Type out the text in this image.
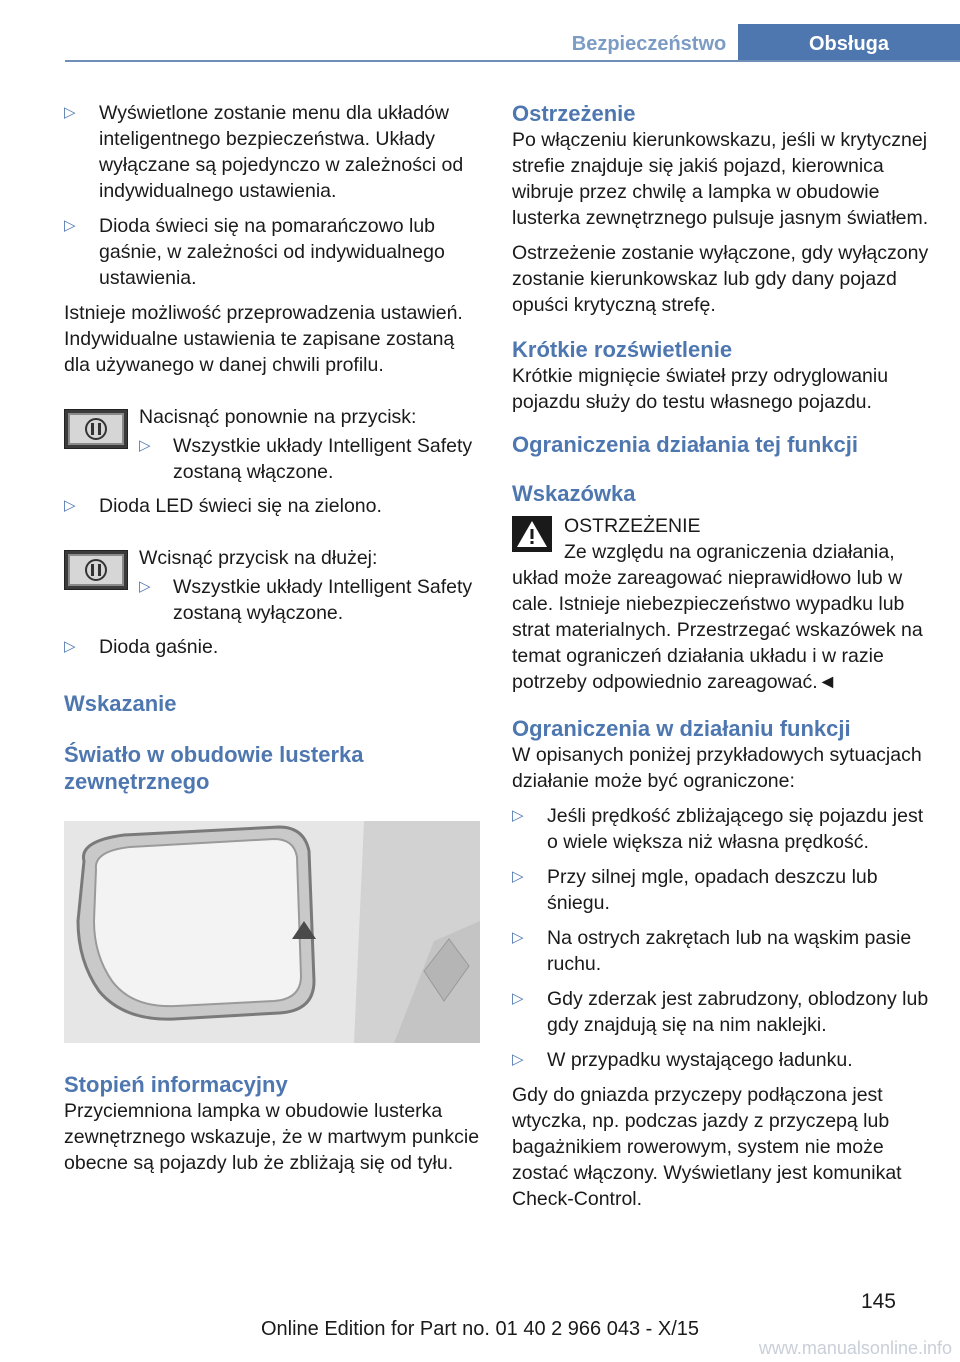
Bezpieczeństwo	Obsługa
▷ Wyświetlone zostanie menu dla układów inteligentnego bezpieczeństwa. Układy wyłączane są pojedynczo w zależności od indywidualnego ustawienia.
▷ Dioda świeci się na pomarańczowo lub gaśnie, w zależności od indywidualnego ustawienia.
Istnieje możliwość przeprowadzenia ustawień. Indywidualne ustawienia te zapisane zostaną dla używanego w danej chwili profilu.
Nacisnąć ponownie na przycisk:
▷ Wszystkie układy Intelligent Safety zostaną włączone.
▷ Dioda LED świeci się na zielono.
Wcisnąć przycisk na dłużej:
▷ Wszystkie układy Intelligent Safety zostaną wyłączone.
▷ Dioda gaśnie.
Wskazanie
Światło w obudowie lusterka zewnętrznego
Stopień informacyjny
Przyciemniona lampka w obudowie lusterka zewnętrznego wskazuje, że w martwym punkcie obecne są pojazdy lub że zbliżają się od tyłu.
Ostrzeżenie
Po włączeniu kierunkowskazu, jeśli w krytycznej strefie znajduje się jakiś pojazd, kierownica wibruje przez chwilę a lampka w obudowie lusterka zewnętrznego pulsuje jasnym światłem.
Ostrzeżenie zostanie wyłączone, gdy wyłączony zostanie kierunkowskaz lub gdy dany pojazd opuści krytyczną strefę.
Krótkie rozświetlenie
Krótkie mignięcie świateł przy odryglowaniu pojazdu służy do testu własnego pojazdu.
Ograniczenia działania tej funkcji
Wskazówka
OSTRZEŻENIE
Ze względu na ograniczenia działania, układ może zareagować nieprawidłowo lub w cale. Istnieje niebezpieczeństwo wypadku lub strat materialnych. Przestrzegać wskazówek na temat ograniczeń działania układu i w razie potrzeby odpowiednio zareagować.◄
Ograniczenia w działaniu funkcji
W opisanych poniżej przykładowych sytuacjach działanie może być ograniczone:
▷ Jeśli prędkość zbliżającego się pojazdu jest o wiele większa niż własna prędkość.
▷ Przy silnej mgle, opadach deszczu lub śniegu.
▷ Na ostrych zakrętach lub na wąskim pasie ruchu.
▷ Gdy zderzak jest zabrudzony, oblodzony lub gdy znajdują się na nim naklejki.
▷ W przypadku wystającego ładunku.
Gdy do gniazda przyczepy podłączona jest wtyczka, np. podczas jazdy z przyczepą lub bagażnikiem rowerowym, system nie może zostać włączony. Wyświetlany jest komunikat Check-Control.
145
Online Edition for Part no. 01 40 2 966 043 - X/15
www.manualsonline.info
